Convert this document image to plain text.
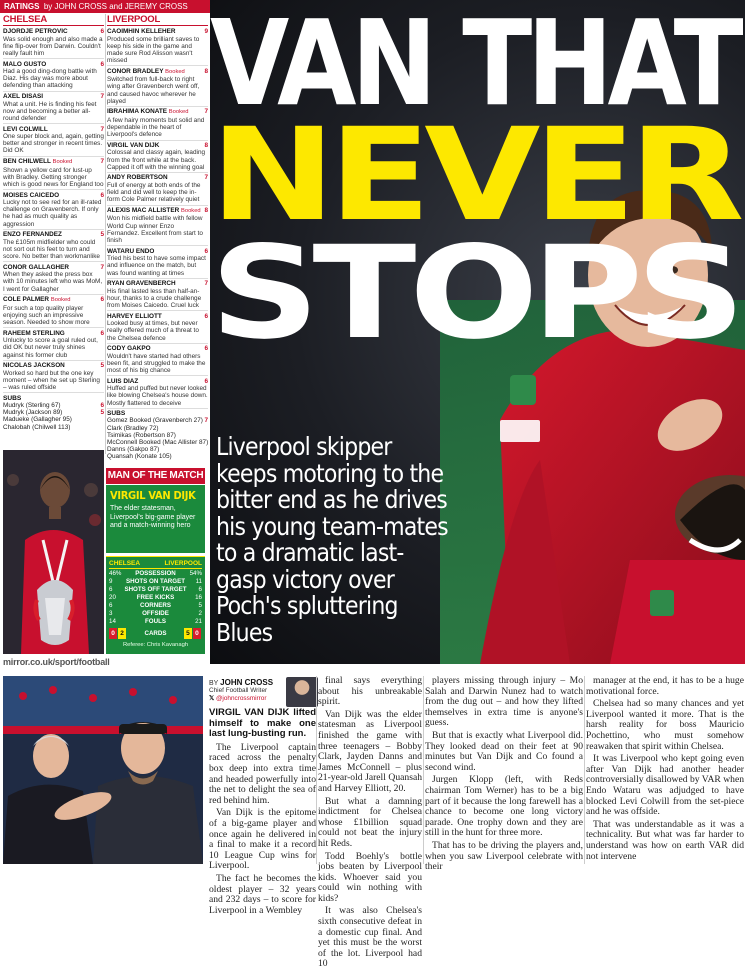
RATINGS by JOHN CROSS and JEREMY CROSS
CHELSEA
DJORDJE PETROVIC	6
Was solid enough and also made a fine flip-over from Darwin. Couldn't really fault him
MALO GUSTO	6
Had a good ding-dong battle with Diaz. His day was more about defending than attacking
AXEL DISASI	7
What a unit. He is finding his feet now and becoming a better all-round defender
LEVI COLWILL	7
One super block and, again, getting better and stronger in recent times. Did OK
BEN CHILWELL Booked	7
Shown a yellow card for lust-up with Bradley. Getting stronger which is good news for England too
MOISES CAICEDO	6
Lucky not to see red for an ill-rated challenge on Gravenberch. If only he had as much quality as aggression
ENZO FERNANDEZ	5
The £105m midfielder who could not sort out his feet to turn and score. No better than workmanlike
CONOR GALLAGHER	7
When they asked the press box with 10 minutes left who was MoM, I went for Gallagher
COLE PALMER Booked	6
For such a top quality player enjoying such an impressive season. Needed to show more
RAHEEM STERLING	6
Unlucky to score a goal ruled out, did OK but never truly shines against his former club
NICOLAS JACKSON	5
Worked so hard but the one key moment – when he set up Sterling – was ruled offside
SUBS
Mudryk (Sterling 67)	6
Mudryk (Jackson 89)	5
Madueke (Gallagher 95)
Chalobah (Chilwell 113)
LIVERPOOL
CAOIMHIN KELLEHER	9
Produced some brilliant saves to keep his side in the game and made sure Rod Alisson wasn't missed
CONOR BRADLEY Booked	8
Switched from full-back to right wing after Gravenberch went off, and caused havoc wherever he played
IBRAHIMA KONATE Booked 7
A few hairy moments but solid and dependable in the heart of Liverpool's defence
VIRGIL VAN DIJK	8
Colossal and classy again, leading from the front while at the back. Capped it off with the winning goal
ANDY ROBERTSON	7
Full of energy at both ends of the field and did well to keep the in-form Cole Palmer relatively quiet
ALEXIS MAC ALLISTER Booked 8
Won his midfield battle with fellow World Cup winner Enzo Fernandez. Excellent from start to finish
WATARU ENDO	6
Tried his best to have some impact and influence on the match, but was found wanting at times
RYAN GRAVENBERCH	7
His final lasted less than half-an-hour, thanks to a crude challenge from Moises Caicedo. Cruel luck
HARVEY ELLIOTT	6
Looked busy at times, but never really offered much of a threat to the Chelsea defence
CODY GAKPO	6
Wouldn't have started had others been fit, and struggled to make the most of his big chance
LUIS DIAZ	6
Huffed and puffed but never looked like blowing Chelsea's house down. Mostly flattered to deceive
SUBS
Gomez Booked (Gravenberch 27) 7
Clark (Bradley 72)
Tsimikas (Robertson 87)
McConnell Booked (Mac Allister 87)
Danns (Gakpo 87)
Quansah (Konate 105)
MAN OF THE MATCH
VIRGIL VAN DIJK
The elder statesman, Liverpool's big-game player and a match-winning hero
CHELSEA	LIVERPOOL
46%	POSSESSION	54%
9	SHOTS ON TARGET	11
6	SHOTS OFF TARGET	6
20	FREE KICKS	16
6	CORNERS	5
3	OFFSIDE	2
14	FOULS	21
0 2	CARDS	5 0
Referee: Chris Kavanagh
mirror.co.uk/sport/football
VAN THAT
NEVER
STOPS
Liverpool skipper keeps motoring to the bitter end as he drives his young team-mates to a dramatic last-gasp victory over Poch's spluttering Blues
BY JOHN CROSS
Chief Football Writer
𝕏 @johncrossmirror

VIRGIL VAN DIJK lifted himself to make one last lung-busting run.

The Liverpool captain raced across the penalty box deep into extra time and headed powerfully into the net to delight the sea of red behind him.

Van Dijk is the epitome of a big-game player and once again he delivered in a final to make it a record 10 League Cup wins for Liverpool.

The fact he becomes the oldest player – 32 years and 232 days – to score for Liverpool in a Wembley

final says everything about his unbreakable spirit.

Van Dijk was the elder statesman as Liverpool finished the game with three teenagers – Bobby Clark, Jayden Danns and James McConnell – plus 21-year-old Jarell Quansah and Harvey Elliott, 20.

But what a damning indictment for Chelsea whose £1billion squad could not beat the injury hit Reds.

Todd Boehly's bottle jobs beaten by Liverpool kids. Whoever said you could win nothing with kids?

It was also Chelsea's sixth consecutive defeat in a domestic cup final. And yet this must be the worst of the lot. Liverpool had 10

players missing through injury – Mo Salah and Darwin Nunez had to watch from the dug out – and how they lifted themselves in extra time is anyone's guess.

But that is exactly what Liverpool did. They looked dead on their feet at 90 minutes but Van Dijk and Co found a second wind.

Jurgen Klopp (left, with Reds chairman Tom Werner) has to be a big part of it because the long farewell has a chance to become one long victory parade. One trophy down and they are still in the hunt for three more.

That has to be driving the players and, when you saw Liverpool celebrate with their

manager at the end, it has to be a huge motivational force.

Chelsea had so many chances and yet Liverpool wanted it more. That is the harsh reality for boss Mauricio Pochettino, who must somehow reawaken that spirit within Chelsea.

It was Liverpool who kept going even after Van Dijk had another header controversially disallowed by VAR when Endo Wataru was adjudged to have blocked Levi Colwill from the set-piece and he was offside.

That was understandable as it was a technicality. But what was far harder to understand was how on earth VAR did not intervene
